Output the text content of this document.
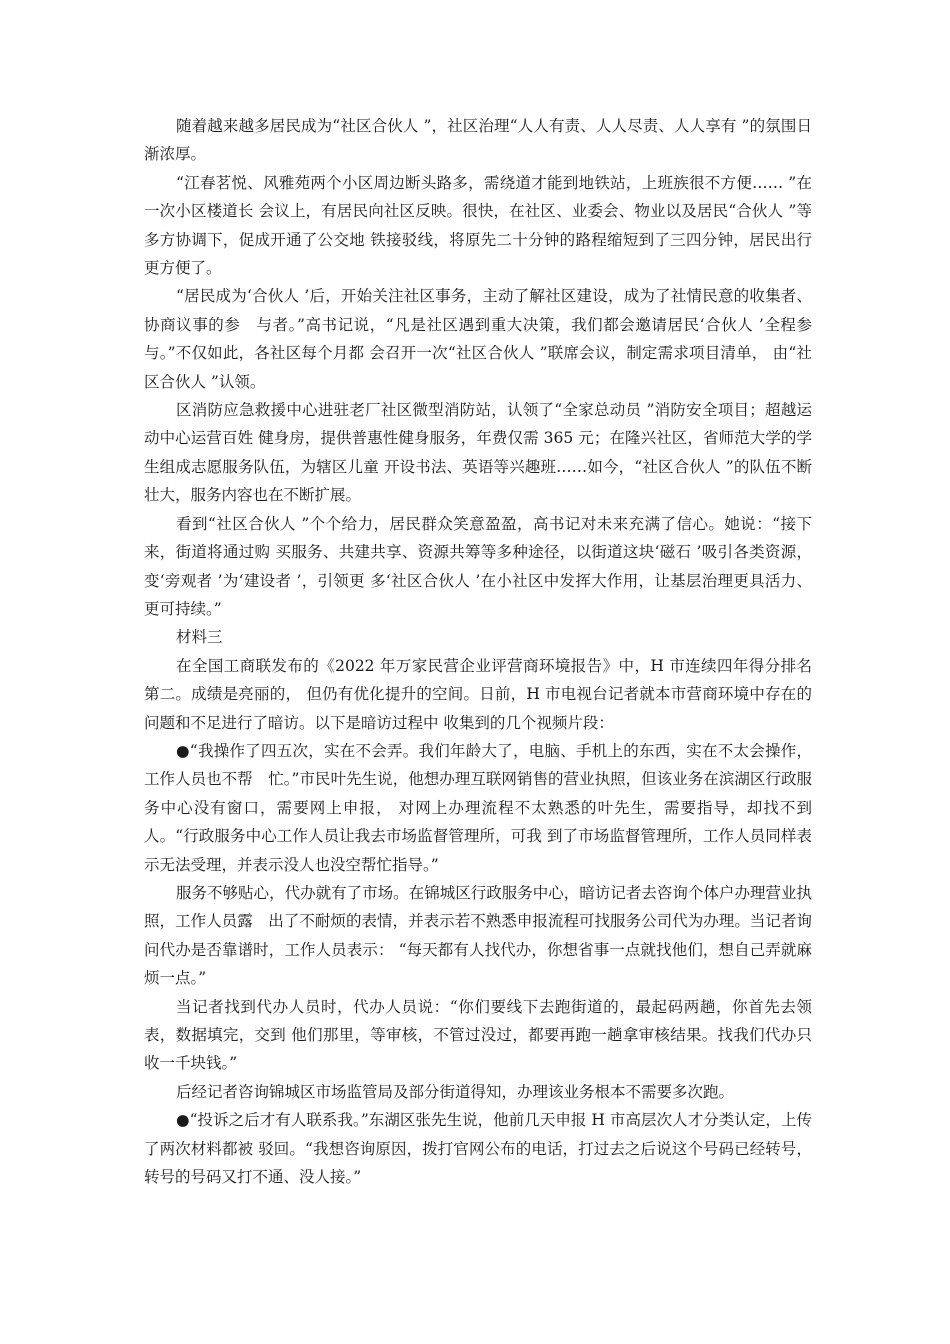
随着越来越多居民成为“社区合伙人 ”，社区治理“人人有责、人人尽责、人人享有 ”的氛围日渐浓厚。

“江春茗悦、风雅苑两个小区周边断头路多，需绕道才能到地铁站，上班族很不方便…… ”在一次小区楼道长 会议上，有居民向社区反映。很快，在社区、业委会、物业以及居民“合伙人 ”等多方协调下，促成开通了公交地 铁接驳线，将原先二十分钟的路程缩短到了三四分钟，居民出行更方便了。

“居民成为‘合伙人 ’后，开始关注社区事务，主动了解社区建设，成为了社情民意的收集者、协商议事的参　与者。”高书记说，“凡是社区遇到重大决策，我们都会邀请居民‘合伙人 ’全程参与。”不仅如此，各社区每个月都 会召开一次“社区合伙人 ”联席会议，制定需求项目清单， 由“社区合伙人 ”认领。

区消防应急救援中心进驻老厂社区微型消防站，认领了“全家总动员 ”消防安全项目；超越运动中心运营百姓 健身房，提供普惠性健身服务，年费仅需 365 元；在隆兴社区，省师范大学的学生组成志愿服务队伍，为辖区儿童 开设书法、英语等兴趣班……如今，“社区合伙人 ”的队伍不断壮大，服务内容也在不断扩展。

看到“社区合伙人 ”个个给力，居民群众笑意盈盈，高书记对未来充满了信心。她说：“接下来，街道将通过购 买服务、共建共享、资源共筹等多种途径，以街道这块‘磁石 ’吸引各类资源，变‘旁观者 ’为‘建设者 ’，引领更 多‘社区合伙人 ’在小社区中发挥大作用，让基层治理更具活力、更可持续。”

材料三

在全国工商联发布的《2022 年万家民营企业评营商环境报告》中，H 市连续四年得分排名第二。成绩是亮丽的， 但仍有优化提升的空间。日前，H 市电视台记者就本市营商环境中存在的问题和不足进行了暗访。以下是暗访过程中 收集到的几个视频片段：

●“我操作了四五次，实在不会弄。我们年龄大了，电脑、手机上的东西，实在不太会操作，工作人员也不帮　忙。”市民叶先生说，他想办理互联网销售的营业执照，但该业务在滨湖区行政服务中心没有窗口，需要网上申报， 对网上办理流程不太熟悉的叶先生，需要指导，却找不到人。“行政服务中心工作人员让我去市场监督管理所，可我 到了市场监督管理所，工作人员同样表示无法受理，并表示没人也没空帮忙指导。”

服务不够贴心，代办就有了市场。在锦城区行政服务中心，暗访记者去咨询个体户办理营业执照，工作人员露　出了不耐烦的表情，并表示若不熟悉申报流程可找服务公司代为办理。当记者询问代办是否靠谱时，工作人员表示： “每天都有人找代办，你想省事一点就找他们，想自己弄就麻烦一点。”

当记者找到代办人员时，代办人员说：“你们要线下去跑街道的，最起码两趟，你首先去领表，数据填完，交到 他们那里，等审核，不管过没过，都要再跑一趟拿审核结果。找我们代办只收一千块钱。”

后经记者咨询锦城区市场监管局及部分街道得知，办理该业务根本不需要多次跑。

●“投诉之后才有人联系我。”东湖区张先生说，他前几天申报 H 市高层次人才分类认定，上传了两次材料都被 驳回。“我想咨询原因，拨打官网公布的电话，打过去之后说这个号码已经转号，转号的号码又打不通、没人接。”
